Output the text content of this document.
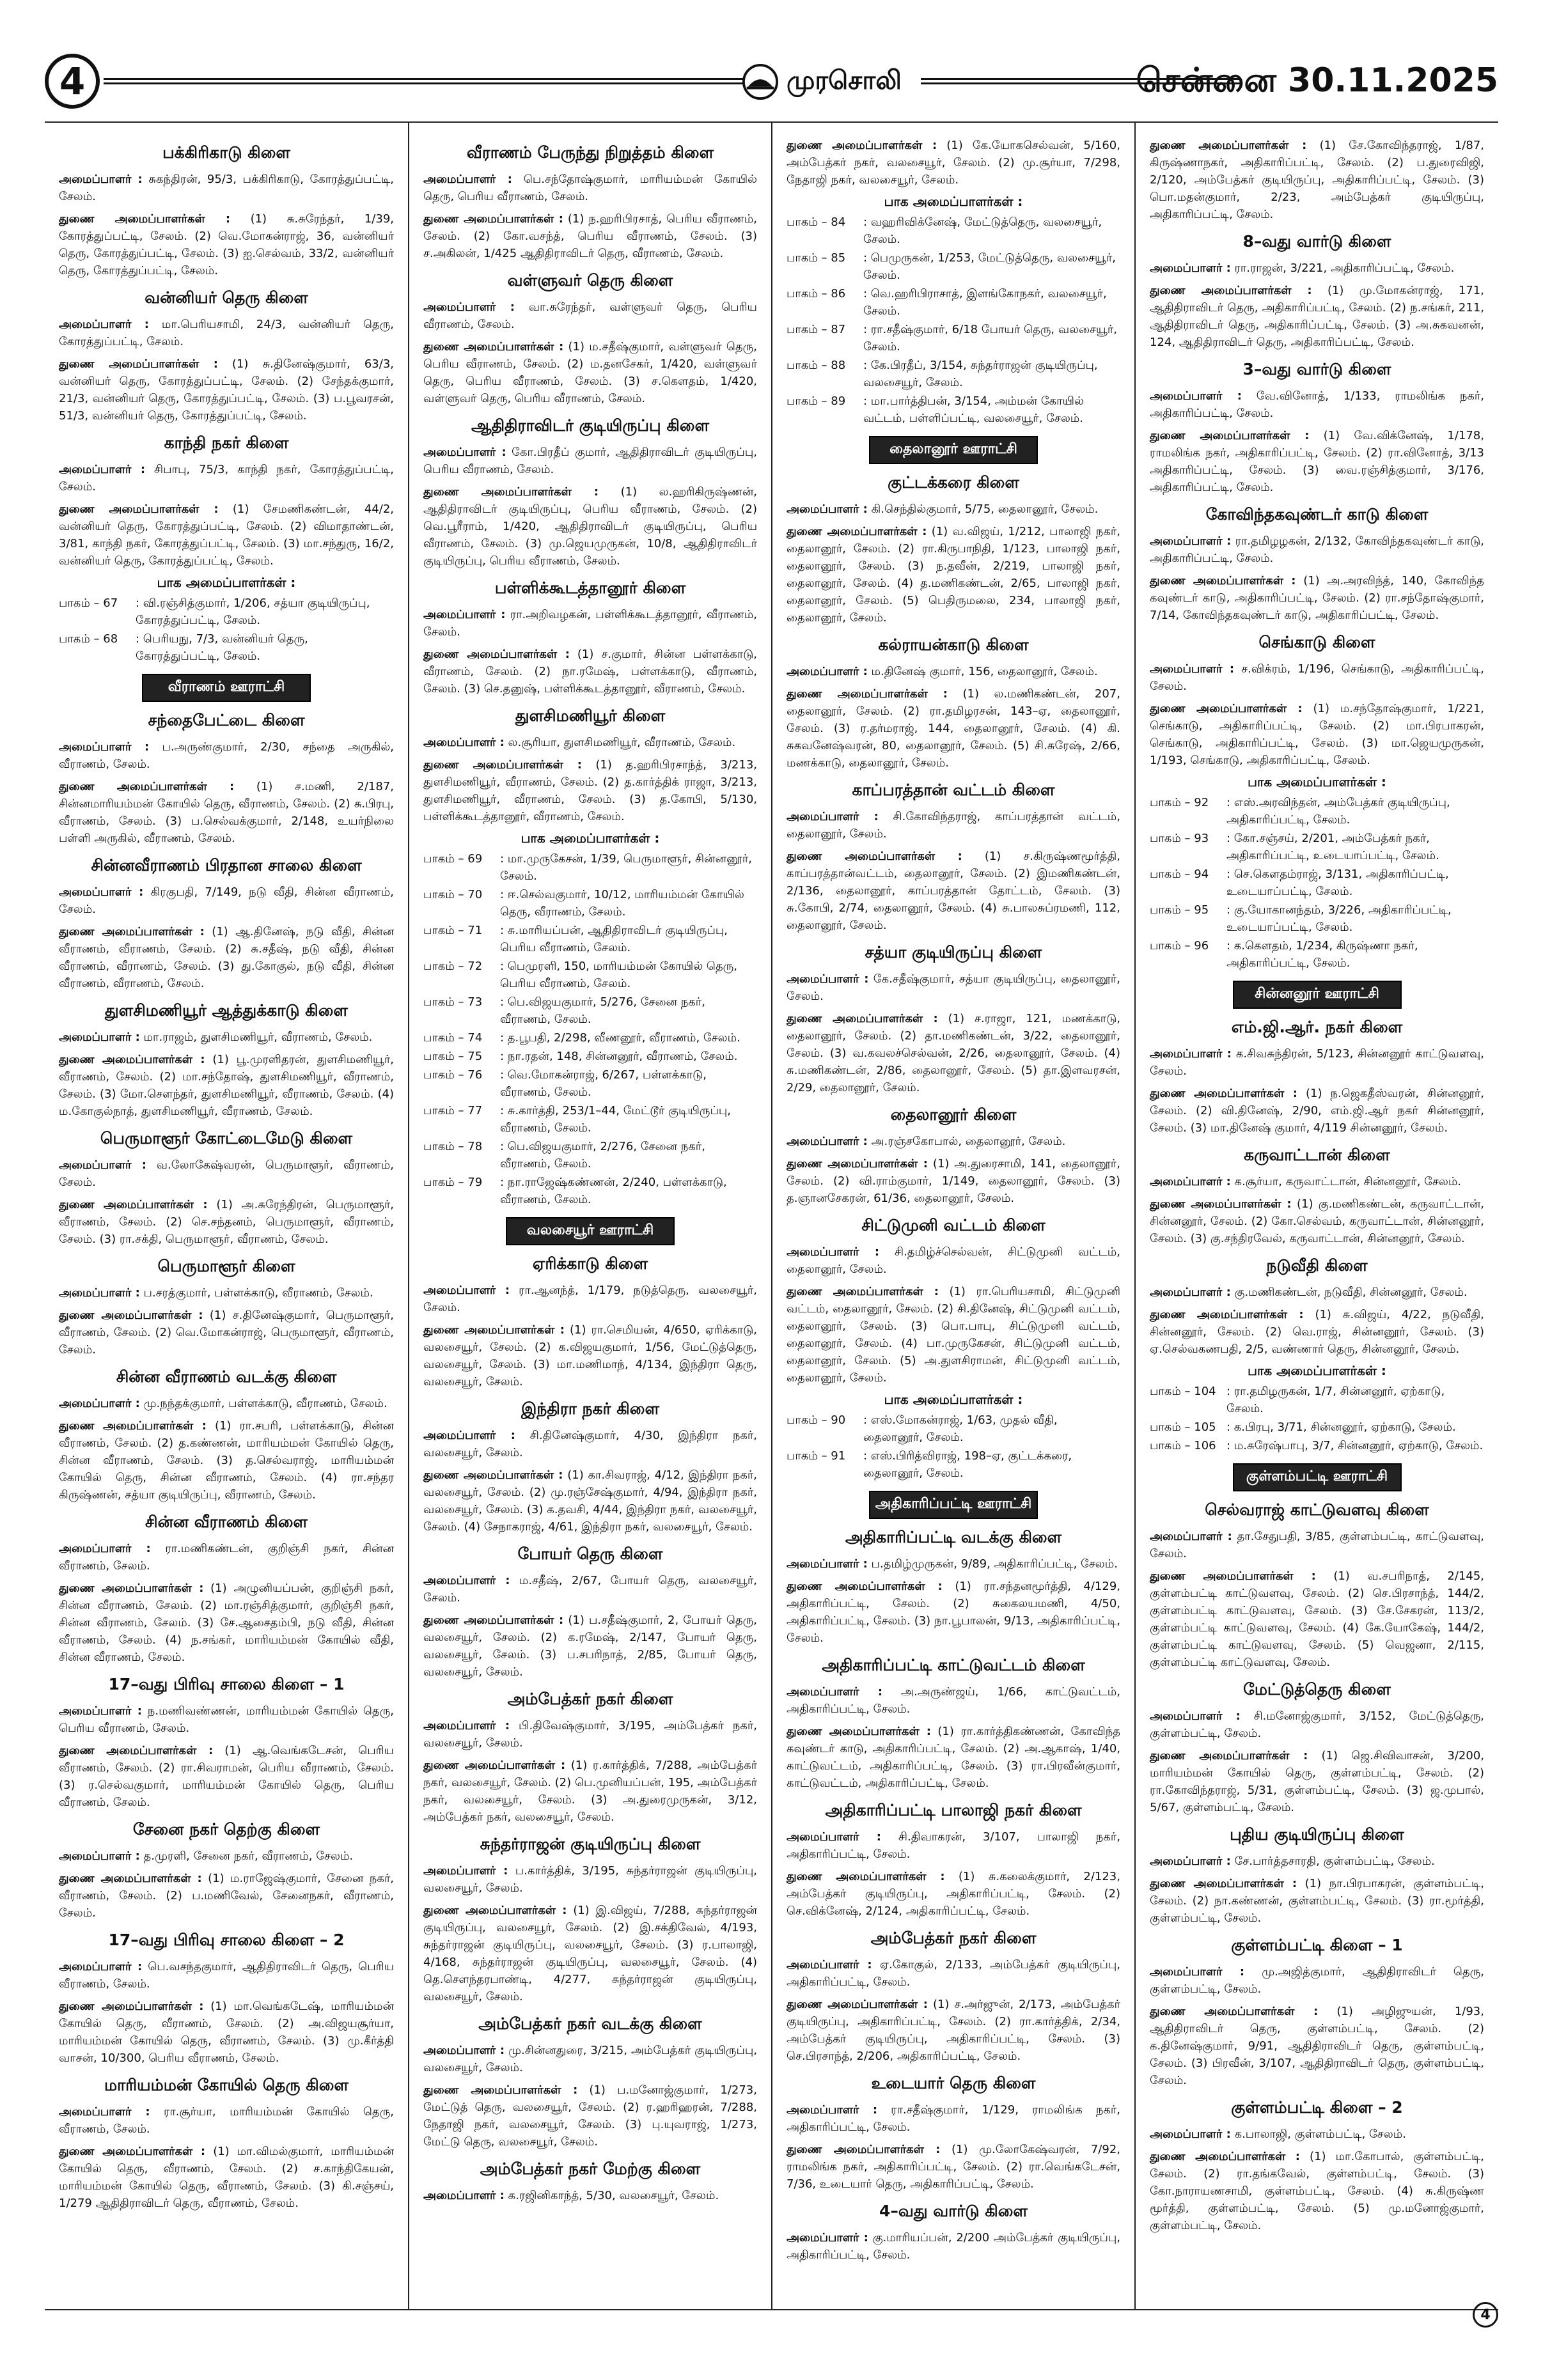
4	முரசொலி	சென்னை 30.11.2025
பக்கிரிகாடு கிளை
அமைப்பாளர் : சுகந்திரன், 95/3, பக்கிரிகாடு, கோரத்துப்பட்டி, சேலம்.
துணை அமைப்பாளர்கள் : (1) சு.சுரேந்தர், 1/39, கோரத்துப்பட்டி, சேலம். (2) வெ.மோகன்ராஜ், 36, வன்னியர் தெரு, கோரத்துப்பட்டி, சேலம். (3) ஐ.செல்வம், 33/2, வன்னியர் தெரு, கோரத்துப்பட்டி, சேலம்.
வன்னியர் தெரு கிளை
அமைப்பாளர் : மா.பெரியசாமி, 24/3, வன்னியர் தெரு, கோரத்துப்பட்டி, சேலம்.
துணை அமைப்பாளர்கள் : (1) சு.தினேஷ்குமார், 63/3, வன்னியர் தெரு, கோரத்துப்பட்டி, சேலம். (2) சேந்தக்குமார், 21/3, வன்னியர் தெரு, கோரத்துப்பட்டி, சேலம். (3) ப.பூவரசன், 51/3, வன்னியர் தெரு, கோரத்துப்பட்டி, சேலம்.
காந்தி நகர் கிளை
அமைப்பாளர் : சிபாபு, 75/3, காந்தி நகர், கோரத்துப்பட்டி, சேலம்.
துணை அமைப்பாளர்கள் : (1) சேமணிகண்டன், 44/2, வன்னியர் தெரு, கோரத்துப்பட்டி, சேலம். (2) விமாதாண்டன், 3/81, காந்தி நகர், கோரத்துப்பட்டி, சேலம். (3) மா.சந்துரு, 16/2, வன்னியர் தெரு, கோரத்துப்பட்டி, சேலம்.
பாக அமைப்பாளர்கள் :
பாகம் – 67	: வி.ரஞ்சித்குமார், 1/206, சத்யா குடியிருப்பு, கோரத்துப்பட்டி, சேலம்.
பாகம் – 68	: பெரியநு, 7/3, வன்னியர் தெரு, கோரத்துப்பட்டி, சேலம்.
வீராணம் ஊராட்சி
சந்தைபேட்டை கிளை
அமைப்பாளர் : ப.அருண்குமார், 2/30, சந்தை அருகில், வீராணம், சேலம்.
துணை அமைப்பாளர்கள் : (1) ச.மணி, 2/187, சின்னமாரியம்மன் கோயில் தெரு, வீராணம், சேலம். (2) சு.பிரபு, வீராணம், சேலம். (3) ப.செல்வக்குமார், 2/148, உயர்நிலை பள்ளி அருகில், வீராணம், சேலம்.
சின்னவீராணம் பிரதான சாலை கிளை
அமைப்பாளர் : கிரகுபதி, 7/149, நடு வீதி, சின்ன வீராணம், சேலம்.
துணை அமைப்பாளர்கள் : (1) ஆ.தினேஷ், நடு வீதி, சின்ன வீராணம், வீராணம், சேலம். (2) சு.சதீஷ், நடு வீதி, சின்ன வீராணம், வீராணம், சேலம். (3) து.கோகுல், நடு வீதி, சின்ன வீராணம், வீராணம், சேலம்.
துளசிமணியூர் ஆத்துக்காடு கிளை
அமைப்பாளர் : மா.ராஜம், துளசிமணியூர், வீராணம், சேலம்.
துணை அமைப்பாளர்கள் : (1) பூ.முரளிதரன், துளசிமணியூர், வீராணம், சேலம். (2) மா.சந்தோஷ், துளசிமணியூர், வீராணம், சேலம். (3) மோ.சௌந்தர், துளசிமணியூர், வீராணம், சேலம். (4) ம.கோகுல்நாத், துளசிமணியூர், வீராணம், சேலம்.
பெருமாளூர் கோட்டைமேடு கிளை
அமைப்பாளர் : வ.லோகேஷ்வரன், பெருமாளூர், வீராணம், சேலம்.
துணை அமைப்பாளர்கள் : (1) அ.சுரேந்திரன், பெருமாளூர், வீராணம், சேலம். (2) செ.சந்தனம், பெருமாளூர், வீராணம், சேலம். (3) ரா.சக்தி, பெருமாளூர், வீராணம், சேலம்.
பெருமாளூர் கிளை
அமைப்பாளர் : ப.சரத்குமார், பள்ளக்காடு, வீராணம், சேலம்.
துணை அமைப்பாளர்கள் : (1) ச.தினேஷ்குமார், பெருமாளூர், வீராணம், சேலம். (2) வெ.மோகன்ராஜ், பெருமாளூர், வீராணம், சேலம்.
சின்ன வீராணம் வடக்கு கிளை
அமைப்பாளர் : மு.நந்தக்குமார், பள்ளக்காடு, வீராணம், சேலம்.
துணை அமைப்பாளர்கள் : (1) ரா.சபரி, பள்ளக்காடு, சின்ன வீராணம், சேலம். (2) த.கண்ணன், மாரியம்மன் கோயில் தெரு, சின்ன வீராணம், சேலம். (3) த.செல்வராஜ், மாரியம்மன் கோயில் தெரு, சின்ன வீராணம், சேலம். (4) ரா.சந்தர கிருஷ்ணன், சத்யா குடியிருப்பு, வீராணம், சேலம்.
சின்ன வீராணம் கிளை
அமைப்பாளர் : ரா.மணிகண்டன், குறிஞ்சி நகர், சின்ன வீராணம், சேலம்.
துணை அமைப்பாளர்கள் : (1) அழுனியப்பன், குறிஞ்சி நகர், சின்ன வீராணம், சேலம். (2) மா.ரஞ்சித்குமார், குறிஞ்சி நகர், சின்ன வீராணம், சேலம். (3) சே.ஆசைதம்பி, நடு வீதி, சின்ன வீராணம், சேலம். (4) ந.சங்கர், மாரியம்மன் கோயில் வீதி, சின்ன வீராணம், சேலம்.
17–வது பிரிவு சாலை கிளை – 1
அமைப்பாளர் : ந.மணிவண்ணன், மாரியம்மன் கோயில் தெரு, பெரிய வீராணம், சேலம்.
துணை அமைப்பாளர்கள் : (1) ஆ.வெங்கடேசன், பெரிய வீராணம், சேலம். (2) ரா.சிவராமன், பெரிய வீராணம், சேலம். (3) ர.செல்வகுமார், மாரியம்மன் கோயில் தெரு, பெரிய வீராணம், சேலம்.
சேனை நகர் தெற்கு கிளை
அமைப்பாளர் : த.முரளி, சேனை நகர், வீராணம், சேலம்.
துணை அமைப்பாளர்கள் : (1) ம.ராஜேஷ்குமார், சேனை நகர், வீராணம், சேலம். (2) ப.மணிவேல், சேனைநகர், வீராணம், சேலம்.
17–வது பிரிவு சாலை கிளை – 2
அமைப்பாளர் : பெ.வசந்தகுமார், ஆதிதிராவிடர் தெரு, பெரிய வீராணம், சேலம்.
துணை அமைப்பாளர்கள் : (1) மா.வெங்கடேஷ், மாரியம்மன் கோயில் தெரு, வீராணம், சேலம். (2) அ.விஜயசூர்யா, மாரியம்மன் கோயில் தெரு, வீராணம், சேலம். (3) மு.கீர்த்தி வாசன், 10/300, பெரிய வீராணம், சேலம்.
மாரியம்மன் கோயில் தெரு கிளை
அமைப்பாளர் : ரா.சூர்யா, மாரியம்மன் கோயில் தெரு, வீராணம், சேலம்.
துணை அமைப்பாளர்கள் : (1) மா.விமல்குமார், மாரியம்மன் கோயில் தெரு, வீராணம், சேலம். (2) ச.காந்திகேயன், மாரியம்மன் கோயில் தெரு, வீராணம், சேலம். (3) கி.சஞ்சய், 1/279 ஆதிதிராவிடர் தெரு, வீராணம், சேலம்.
வீராணம் பேருந்து நிறுத்தம் கிளை
அமைப்பாளர் : பெ.சந்தோஷ்குமார், மாரியம்மன் கோயில் தெரு, பெரிய வீராணம், சேலம்.
துணை அமைப்பாளர்கள் : (1) ந.ஹரிபிரசாத், பெரிய வீராணம், சேலம். (2) கோ.வசந்த், பெரிய வீராணம், சேலம். (3) ச.அகிலன், 1/425 ஆதிதிராவிடர் தெரு, வீராணம், சேலம்.
வள்ளுவர் தெரு கிளை
அமைப்பாளர் : வா.சுரேந்தர், வள்ளுவர் தெரு, பெரிய வீராணம், சேலம்.
துணை அமைப்பாளர்கள் : (1) ம.சதீஷ்குமார், வள்ளுவர் தெரு, பெரிய வீராணம், சேலம். (2) ம.தனசேகர், 1/420, வள்ளுவர் தெரு, பெரிய வீராணம், சேலம். (3) ச.கௌதம், 1/420, வள்ளுவர் தெரு, பெரிய வீராணம், சேலம்.
ஆதிதிராவிடர் குடியிருப்பு கிளை
அமைப்பாளர் : கோ.பிரதீப் குமார், ஆதிதிராவிடர் குடியிருப்பு, பெரிய வீராணம், சேலம்.
துணை அமைப்பாளர்கள் : (1) ல.ஹரிகிருஷ்ணன், ஆதிதிராவிடர் குடியிருப்பு, பெரிய வீராணம், சேலம். (2) வெ.பூரீராம், 1/420, ஆதிதிராவிடர் குடியிருப்பு, பெரிய வீராணம், சேலம். (3) மு.ஜெயமுருகன், 10/8, ஆதிதிராவிடர் குடியிருப்பு, பெரிய வீராணம், சேலம்.
பள்ளிக்கூடத்தானூர் கிளை
அமைப்பாளர் : ரா.அறிவழகன், பள்ளிக்கூடத்தானூர், வீராணம், சேலம்.
துணை அமைப்பாளர்கள் : (1) ச.குமார், சின்ன பள்ளக்காடு, வீராணம், சேலம். (2) நா.ரமேஷ், பள்ளக்காடு, வீராணம், சேலம். (3) செ.தனுஷ், பள்ளிக்கூடத்தானூர், வீராணம், சேலம்.
துளசிமணியூர் கிளை
அமைப்பாளர் : ல.சூரியா, துளசிமணியூர், வீராணம், சேலம்.
துணை அமைப்பாளர்கள் : (1) த.ஹரிபிரசாந்த், 3/213, துளசிமணியூர், வீராணம், சேலம். (2) த.கார்த்திக் ராஜா, 3/213, துளசிமணியூர், வீராணம், சேலம். (3) த.கோபி, 5/130, பள்ளிக்கூடத்தானூர், வீராணம், சேலம்.
பாக அமைப்பாளர்கள் :
பாகம் – 69	: மா.முருகேசன், 1/39, பெருமாளூர், சின்னனூர், சேலம்.
பாகம் – 70	: ஈ.செல்வகுமார், 10/12, மாரியம்மன் கோயில் தெரு, வீராணம், சேலம்.
பாகம் – 71	: சு.மாரியப்பன், ஆதிதிராவிடர் குடியிருப்பு, பெரிய வீராணம், சேலம்.
பாகம் – 72	: பெமுரளி, 150, மாரியம்மன் கோயில் தெரு, பெரிய வீராணம், சேலம்.
பாகம் – 73	: பெ.விஜயகுமார், 5/276, சேனை நகர், வீராணம், சேலம்.
பாகம் – 74	: த.பூபதி, 2/298, வீணனூர், வீராணம், சேலம்.
பாகம் – 75	: நா.ரதன், 148, சின்னனூர், வீராணம், சேலம்.
பாகம் – 76	: வெ.மோகன்ராஜ், 6/267, பள்ளக்காடு, வீராணம், சேலம்.
பாகம் – 77	: சு.கார்த்தி, 253/1–44, மேட்டூர் குடியிருப்பு, வீராணம், சேலம்.
பாகம் – 78	: பெ.விஜயகுமார், 2/276, சேனை நகர், வீராணம், சேலம்.
பாகம் – 79	: நா.ராஜேஷ்கண்ணன், 2/240, பள்ளக்காடு, வீராணம், சேலம்.
வலசையூர் ஊராட்சி
ஏரிக்காடு கிளை
அமைப்பாளர் : ரா.ஆனந்த், 1/179, நடுத்தெரு, வலசையூர், சேலம்.
துணை அமைப்பாளர்கள் : (1) ரா.செமியன், 4/650, ஏரிக்காடு, வலசையூர், சேலம். (2) க.விஜயகுமார், 1/56, மேட்டுத்தெரு, வலசையூர், சேலம். (3) மா.மணிமாந், 4/134, இந்திரா தெரு, வலசையூர், சேலம்.
இந்திரா நகர் கிளை
அமைப்பாளர் : சி.தினேஷ்குமார், 4/30, இந்திரா நகர், வலசையூர், சேலம்.
துணை அமைப்பாளர்கள் : (1) கா.சிவராஜ், 4/12, இந்திரா நகர், வலசையூர், சேலம். (2) மு.ரஞ்சேஷ்குமார், 4/94, இந்திரா நகர், வலசையூர், சேலம். (3) க.தவசி, 4/44, இந்திரா நகர், வலசையூர், சேலம். (4) சேநாகராஜ், 4/61, இந்திரா நகர், வலசையூர், சேலம்.
போயர் தெரு கிளை
அமைப்பாளர் : ம.சதீஷ், 2/67, போயர் தெரு, வலசையூர், சேலம்.
துணை அமைப்பாளர்கள் : (1) ப.சதீஷ்குமார், 2, போயர் தெரு, வலசையூர், சேலம். (2) க.ரமேஷ், 2/147, போயர் தெரு, வலசையூர், சேலம். (3) ப.சபரிநாத், 2/85, போயர் தெரு, வலசையூர், சேலம்.
அம்பேத்கர் நகர் கிளை
அமைப்பாளர் : பி.திவேஷ்குமார், 3/195, அம்பேத்கர் நகர், வலசையூர், சேலம்.
துணை அமைப்பாளர்கள் : (1) ர.கார்த்திக், 7/288, அம்பேத்கர் நகர், வலசையூர், சேலம். (2) பெ.முனியப்பன், 195, அம்பேத்கர் நகர், வலசையூர், சேலம். (3) அ.துரைமுருகன், 3/12, அம்பேத்கர் நகர், வலசையூர், சேலம்.
சுந்தர்ராஜன் குடியிருப்பு கிளை
அமைப்பாளர் : ப.கார்த்திக், 3/195, சுந்தர்ராஜன் குடியிருப்பு, வலசையூர், சேலம்.
துணை அமைப்பாளர்கள் : (1) இ.விஜய், 7/288, சுந்தர்ராஜன் குடியிருப்பு, வலசையூர், சேலம். (2) இ.சக்திவேல், 4/193, சுந்தர்ராஜன் குடியிருப்பு, வலசையூர், சேலம். (3) ர.பாலாஜி, 4/168, சுந்தர்ராஜன் குடியிருப்பு, வலசையூர், சேலம். (4) தெ.சௌந்தரபாண்டி, 4/277, சுந்தர்ராஜன் குடியிருப்பு, வலசையூர், சேலம்.
அம்பேத்கர் நகர் வடக்கு கிளை
அமைப்பாளர் : மு.சின்னதுரை, 3/215, அம்பேத்கர் குடியிருப்பு, வலசையூர், சேலம்.
துணை அமைப்பாளர்கள் : (1) ப.மனோஜ்குமார், 1/273, மேட்டுத் தெரு, வலசையூர், சேலம். (2) ர.ஹரிஹரன், 7/288, நேதாஜி நகர், வலசையூர், சேலம். (3) பு.யுவராஜ், 1/273, மேட்டு தெரு, வலசையூர், சேலம்.
அம்பேத்கர் நகர் மேற்கு கிளை
அமைப்பாளர் : க.ரஜினிகாந்த், 5/30, வலசையூர், சேலம்.
துணை அமைப்பாளர்கள் : (1) கே.யோகசெல்வன், 5/160, அம்பேத்கர் நகர், வலசையூர், சேலம். (2) மு.சூர்யா, 7/298, நேதாஜி நகர், வலசையூர், சேலம்.
பாக அமைப்பாளர்கள் :
பாகம் – 84	: வஹரிவிக்னேஷ், மேட்டுத்தெரு, வலசையூர், சேலம்.
பாகம் – 85	: பெமுருகன், 1/253, மேட்டுத்தெரு, வலசையூர், சேலம்.
பாகம் – 86	: வெ.ஹரிபிராசாத், இளங்கோநகர், வலசையூர், சேலம்.
பாகம் – 87	: ரா.சதீஷ்குமார், 6/18 போயர் தெரு, வலசையூர், சேலம்.
பாகம் – 88	: கே.பிரதீப், 3/154, சுந்தர்ராஜன் குடியிருப்பு, வலசையூர், சேலம்.
பாகம் – 89	: மா.பார்த்திபன், 3/154, அம்மன் கோயில் வட்டம், பள்ளிப்பட்டி, வலசையூர், சேலம்.
தைலானூர் ஊராட்சி
குட்டக்கரை கிளை
அமைப்பாளர் : கி.செந்தில்குமார், 5/75, தைலானூர், சேலம்.
துணை அமைப்பாளர்கள் : (1) வ.விஜய், 1/212, பாலாஜி நகர், தைலானூர், சேலம். (2) ரா.கிருபாநிதி, 1/123, பாலாஜி நகர், தைலானூர், சேலம். (3) ந.தவீன், 2/219, பாலாஜி நகர், தைலானூர், சேலம். (4) த.மணிகண்டன், 2/65, பாலாஜி நகர், தைலானூர், சேலம். (5) பெதிருமலை, 234, பாலாஜி நகர், தைலானூர், சேலம்.
கல்ராயன்காடு கிளை
அமைப்பாளர் : ம.தினேஷ் குமார், 156, தைலானூர், சேலம்.
துணை அமைப்பாளர்கள் : (1) ல.மணிகண்டன், 207, தைலானூர், சேலம். (2) ரா.தமிழரசன், 143–ஏ, தைலானூர், சேலம். (3) ர.தர்மராஜ், 144, தைலானூர், சேலம். (4) கி. சுகவனேஷ்வரன், 80, தைலானூர், சேலம். (5) சி.சுரேஷ், 2/66, மணக்காடு, தைலானூர், சேலம்.
காப்பரத்தான் வட்டம் கிளை
அமைப்பாளர் : சி.கோவிந்தராஜ், காப்பரத்தான் வட்டம், தைலானூர், சேலம்.
துணை அமைப்பாளர்கள் : (1) ச.கிருஷ்ணமூர்த்தி, காப்பரத்தான்வட்டம், தைலானூர், சேலம். (2) இமணிகண்டன், 2/136, தைலானூர், காப்பரத்தான் தோட்டம், சேலம். (3) சு.கோபி, 2/74, தைலானூர், சேலம். (4) சு.பாலசுப்ரமணி, 112, தைலானூர், சேலம்.
சத்யா குடியிருப்பு கிளை
அமைப்பாளர் : கே.சதீஷ்குமார், சத்யா குடியிருப்பு, தைலானூர், சேலம்.
துணை அமைப்பாளர்கள் : (1) ச.ராஜா, 121, மணக்காடு, தைலானூர், சேலம். (2) தா.மணிகண்டன், 3/22, தைலானூர், சேலம். (3) வ.கவலச்செல்வன், 2/26, தைலானூர், சேலம். (4) சு.மணிகண்டன், 2/86, தைலானூர், சேலம். (5) தா.இளவரசன், 2/29, தைலானூர், சேலம்.
தைலானூர் கிளை
அமைப்பாளர் : அ.ரஞ்சகோபால், தைலானூர், சேலம்.
துணை அமைப்பாளர்கள் : (1) அ.துரைசாமி, 141, தைலானூர், சேலம். (2) வி.ராம்குமார், 1/149, தைலானூர், சேலம். (3) த.ஞானசேகரன், 61/36, தைலானூர், சேலம்.
சிட்டுமுனி வட்டம் கிளை
அமைப்பாளர் : சி.தமிழ்ச்செல்வன், சிட்டுமுனி வட்டம், தைலானூர், சேலம்.
துணை அமைப்பாளர்கள் : (1) ரா.பெரியசாமி, சிட்டுமுனி வட்டம், தைலானூர், சேலம். (2) சி.தினேஷ், சிட்டுமுனி வட்டம், தைலானூர், சேலம். (3) பொ.பாபு, சிட்டுமுனி வட்டம், தைலானூர், சேலம். (4) பா.முருகேசன், சிட்டுமுனி வட்டம், தைலானூர், சேலம். (5) அ.துளசிராமன், சிட்டுமுனி வட்டம், தைலானூர், சேலம்.
பாக அமைப்பாளர்கள் :
பாகம் – 90	: எஸ்.மோகன்ராஜ், 1/63, முதல் வீதி, தைலானூர், சேலம்.
பாகம் – 91	: எஸ்.பிரித்விராஜ், 198–ஏ, குட்டக்கரை, தைலானூர், சேலம்.
அதிகாரிப்பட்டி ஊராட்சி
அதிகாரிப்பட்டி வடக்கு கிளை
அமைப்பாளர் : ப.தமிழ்முருகன், 9/89, அதிகாரிப்பட்டி, சேலம்.
துணை அமைப்பாளர்கள் : (1) ரா.சந்தனமூர்த்தி, 4/129, அதிகாரிப்பட்டி, சேலம். (2) சுகைலயமணி, 4/50, அதிகாரிப்பட்டி, சேலம். (3) நா.பூபாலன், 9/13, அதிகாரிப்பட்டி, சேலம்.
அதிகாரிப்பட்டி காட்டுவட்டம் கிளை
அமைப்பாளர் : அ.அருண்ஜய், 1/66, காட்டுவட்டம், அதிகாரிப்பட்டி, சேலம்.
துணை அமைப்பாளர்கள் : (1) ரா.கார்த்திகண்ணன், கோவிந்த கவுண்டர் காடு, அதிகாரிப்பட்டி, சேலம். (2) அ.ஆகாஷ், 1/40, காட்டுவட்டம், அதிகாரிப்பட்டி, சேலம். (3) ரா.பிரவீன்குமார், காட்டுவட்டம், அதிகாரிப்பட்டி, சேலம்.
அதிகாரிப்பட்டி பாலாஜி நகர் கிளை
அமைப்பாளர் : சி.திவாகரன், 3/107, பாலாஜி நகர், அதிகாரிப்பட்டி, சேலம்.
துணை அமைப்பாளர்கள் : (1) சு.கலைக்குமார், 2/123, அம்பேத்கர் குடியிருப்பு, அதிகாரிப்பட்டி, சேலம். (2) செ.விக்னேஷ், 2/124, அதிகாரிப்பட்டி, சேலம்.
அம்பேத்கர் நகர் கிளை
அமைப்பாளர் : ஏ.கோகுல், 2/133, அம்பேத்கர் குடியிருப்பு, அதிகாரிப்பட்டி, சேலம்.
துணை அமைப்பாளர்கள் : (1) ச.அர்ஜுன், 2/173, அம்பேத்கர் குடியிருப்பு, அதிகாரிப்பட்டி, சேலம். (2) ரா.கார்த்திக், 2/34, அம்பேத்கர் குடியிருப்பு, அதிகாரிப்பட்டி, சேலம். (3) செ.பிரசாந்த், 2/206, அதிகாரிப்பட்டி, சேலம்.
உடையார் தெரு கிளை
அமைப்பாளர் : ரா.சதீஷ்குமார், 1/129, ராமலிங்க நகர், அதிகாரிப்பட்டி, சேலம்.
துணை அமைப்பாளர்கள் : (1) மு.லோகேஷ்வரன், 7/92, ராமலிங்க நகர், அதிகாரிப்பட்டி, சேலம். (2) ரா.வெங்கடேசன், 7/36, உடையார் தெரு, அதிகாரிப்பட்டி, சேலம்.
4–வது வார்டு கிளை
அமைப்பாளர் : கு.மாரியப்பன், 2/200 அம்பேத்கர் குடியிருப்பு, அதிகாரிப்பட்டி, சேலம்.
துணை அமைப்பாளர்கள் : (1) சே.கோவிந்தராஜ், 1/87, கிருஷ்ணாநகர், அதிகாரிப்பட்டி, சேலம். (2) ப.துரைவிஜி, 2/120, அம்பேத்கர் குடியிருப்பு, அதிகாரிப்பட்டி, சேலம். (3) பொ.மதன்குமார், 2/23, அம்பேத்கர் குடியிருப்பு, அதிகாரிப்பட்டி, சேலம்.
8–வது வார்டு கிளை
அமைப்பாளர் : ரா.ராஜன், 3/221, அதிகாரிப்பட்டி, சேலம்.
துணை அமைப்பாளர்கள் : (1) மு.மோகன்ராஜ், 171, ஆதிதிராவிடர் தெரு, அதிகாரிப்பட்டி, சேலம். (2) ந.சங்கர், 211, ஆதிதிராவிடர் தெரு, அதிகாரிப்பட்டி, சேலம். (3) அ.சுகவனன், 124, ஆதிதிராவிடர் தெரு, அதிகாரிப்பட்டி, சேலம்.
3–வது வார்டு கிளை
அமைப்பாளர் : வே.வினோத், 1/133, ராமலிங்க நகர், அதிகாரிப்பட்டி, சேலம்.
துணை அமைப்பாளர்கள் : (1) வே.விக்னேஷ், 1/178, ராமலிங்க நகர், அதிகாரிப்பட்டி, சேலம். (2) ரா.வினோத், 3/13 அதிகாரிப்பட்டி, சேலம். (3) வை.ரஞ்சித்குமார், 3/176, அதிகாரிப்பட்டி, சேலம்.
கோவிந்தகவுண்டர் காடு கிளை
அமைப்பாளர் : ரா.தமிழழகன், 2/132, கோவிந்தகவுண்டர் காடு, அதிகாரிப்பட்டி, சேலம்.
துணை அமைப்பாளர்கள் : (1) அ.அரவிந்த், 140, கோவிந்த கவுண்டர் காடு, அதிகாரிப்பட்டி, சேலம். (2) ரா.சந்தோஷ்குமார், 7/14, கோவிந்தகவுண்டர் காடு, அதிகாரிப்பட்டி, சேலம்.
செங்காடு கிளை
அமைப்பாளர் : ச.விக்ரம், 1/196, செங்காடு, அதிகாரிப்பட்டி, சேலம்.
துணை அமைப்பாளர்கள் : (1) ம.சந்தோஷ்குமார், 1/221, செங்காடு, அதிகாரிப்பட்டி, சேலம். (2) மா.பிரபாகரன், செங்காடு, அதிகாரிப்பட்டி, சேலம். (3) மா.ஜெயமுருகன், 1/193, செங்காடு, அதிகாரிப்பட்டி, சேலம்.
பாக அமைப்பாளர்கள் :
பாகம் – 92	: எஸ்.அரவிந்தன், அம்பேத்கர் குடியிருப்பு, அதிகாரிப்பட்டி, சேலம்.
பாகம் – 93	: கோ.சஞ்சய், 2/201, அம்பேத்கர் நகர், அதிகாரிப்பட்டி, உடையாப்பட்டி, சேலம்.
பாகம் – 94	: செ.கௌதம்ராஜ், 3/131, அதிகாரிப்பட்டி, உடையாப்பட்டி, சேலம்.
பாகம் – 95	: கு.யோகானந்தம், 3/226, அதிகாரிப்பட்டி, உடையாப்பட்டி, சேலம்.
பாகம் – 96	: க.கௌதம், 1/234, கிருஷ்ணா நகர், அதிகாரிப்பட்டி, சேலம்.
சின்னனூர் ஊராட்சி
எம்.ஜி.ஆர். நகர் கிளை
அமைப்பாளர் : க.சிவசுந்திரன், 5/123, சின்னனூர் காட்டுவளவு, சேலம்.
துணை அமைப்பாளர்கள் : (1) ந.ஜெகதீஸ்வரன், சின்னனூர், சேலம். (2) வி.தினேஷ், 2/90, எம்.ஜி.ஆர் நகர் சின்னனூர், சேலம். (3) மா.தினேஷ் குமார், 4/119 சின்னனூர், சேலம்.
கருவாட்டான் கிளை
அமைப்பாளர் : க.சூர்யா, கருவாட்டான், சின்னனூர், சேலம்.
துணை அமைப்பாளர்கள் : (1) கு.மணிகண்டன், கருவாட்டான், சின்னனூர், சேலம். (2) கோ.செல்வம், கருவாட்டான், சின்னனூர், சேலம். (3) கு.சந்திரவேல், கருவாட்டான், சின்னனூர், சேலம்.
நடுவீதி கிளை
அமைப்பாளர் : கு.மணிகண்டன், நடுவீதி, சின்னனூர், சேலம்.
துணை அமைப்பாளர்கள் : (1) சு.விஜய், 4/22, நடுவீதி, சின்னனூர், சேலம். (2) வெ.ராஜ், சின்னனூர், சேலம். (3) ஏ.செல்வகணபதி, 2/5, வண்ணார் தெரு, சின்னனூர், சேலம்.
பாக அமைப்பாளர்கள் :
பாகம் – 104 : ரா.தமிழருகன், 1/7, சின்னனூர், ஏற்காடு, சேலம்.
பாகம் – 105 : க.பிரபு, 3/71, சின்னனூர், ஏற்காடு, சேலம்.
பாகம் – 106 : ம.சுரேஷ்பாபு, 3/7, சின்னனூர், ஏற்காடு, சேலம்.
குள்ளம்பட்டி ஊராட்சி
செல்வராஜ் காட்டுவளவு கிளை
அமைப்பாளர் : தா.சேதுபதி, 3/85, குள்ளம்பட்டி, காட்டுவளவு, சேலம்.
துணை அமைப்பாளர்கள் : (1) வ.சபரிநாத், 2/145, குள்ளம்பட்டி காட்டுவளவு, சேலம். (2) செ.பிரசாந்த், 144/2, குள்ளம்பட்டி காட்டுவளவு, சேலம். (3) சே.சேகரன், 113/2, குள்ளம்பட்டி காட்டுவளவு, சேலம். (4) கே.யோகேஷ், 144/2, குள்ளம்பட்டி காட்டுவளவு, சேலம். (5) வெஜனா, 2/115, குள்ளம்பட்டி காட்டுவளவு, சேலம்.
மேட்டுத்தெரு கிளை
அமைப்பாளர் : சி.மனோஜ்குமார், 3/152, மேட்டுத்தெரு, குள்ளம்பட்டி, சேலம்.
துணை அமைப்பாளர்கள் : (1) ஜெ.சிவிவாசன், 3/200, மாரியம்மன் கோயில் தெரு, குள்ளம்பட்டி, சேலம். (2) ரா.கோவிந்தராஜ், 5/31, குள்ளம்பட்டி, சேலம். (3) ஜ.முபால், 5/67, குள்ளம்பட்டி, சேலம்.
புதிய குடியிருப்பு கிளை
அமைப்பாளர் : சே.பார்த்தசாரதி, குள்ளம்பட்டி, சேலம்.
துணை அமைப்பாளர்கள் : (1) நா.பிரபாகரன், குள்ளம்பட்டி, சேலம். (2) நா.கண்ணன், குள்ளம்பட்டி, சேலம். (3) ரா.மூர்த்தி, குள்ளம்பட்டி, சேலம்.
குள்ளம்பட்டி கிளை – 1
அமைப்பாளர் : மு.அஜித்குமார், ஆதிதிராவிடர் தெரு, குள்ளம்பட்டி, சேலம்.
துணை அமைப்பாளர்கள் : (1) அழிஜுயன், 1/93, ஆதிதிராவிடர் தெரு, குள்ளம்பட்டி, சேலம். (2) க.தினேஷ்குமார், 9/91, ஆதிதிராவிடர் தெரு, குள்ளம்பட்டி, சேலம். (3) பிரவீன், 3/107, ஆதிதிராவிடர் தெரு, குள்ளம்பட்டி, சேலம்.
குள்ளம்பட்டி கிளை – 2
அமைப்பாளர் : க.பாலாஜி, குள்ளம்பட்டி, சேலம்.
துணை அமைப்பாளர்கள் : (1) மா.கோபால், குள்ளம்பட்டி, சேலம். (2) ரா.தங்கவேல், குள்ளம்பட்டி, சேலம். (3) கோ.நாராயணசாமி, குள்ளம்பட்டி, சேலம். (4) சு.கிருஷ்ண மூர்த்தி, குள்ளம்பட்டி, சேலம். (5) மு.மனோஜ்குமார், குள்ளம்பட்டி, சேலம்.
4
